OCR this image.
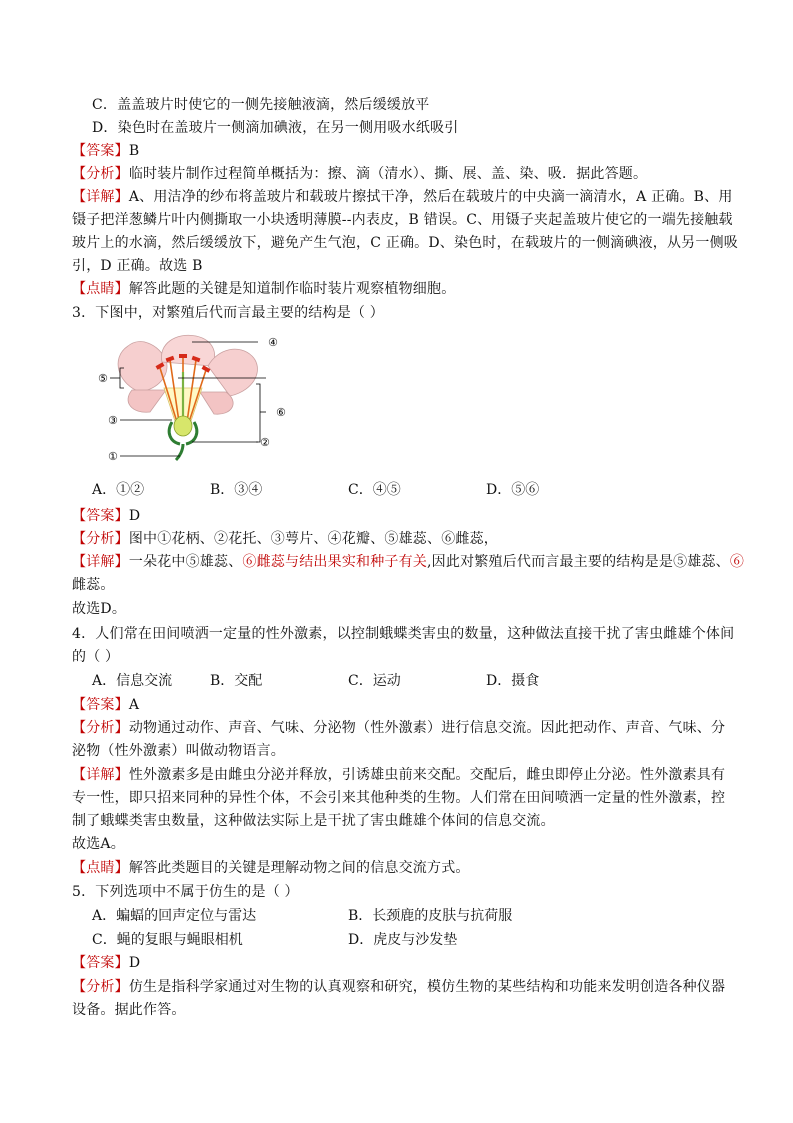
C．盖盖玻片时使它的一侧先接触液滴，然后缓缓放平
D．染色时在盖玻片一侧滴加碘液，在另一侧用吸水纸吸引
【答案】B
【分析】临时装片制作过程简单概括为：擦、滴（清水）、撕、展、盖、染、吸．据此答题。
【详解】A、用洁净的纱布将盖玻片和载玻片擦拭干净，然后在载玻片的中央滴一滴清水，A 正确。B、用
镊子把洋葱鳞片叶内侧撕取一小块透明薄膜--内表皮，B 错误。C、用镊子夹起盖玻片使它的一端先接触载
玻片上的水滴，然后缓缓放下，避免产生气泡，C 正确。D、染色时，在载玻片的一侧滴碘液，从另一侧吸
引，D 正确。故选 B
【点睛】解答此题的关键是知道制作临时装片观察植物细胞。
3．下图中，对繁殖后代而言最主要的结构是（ ）
④
⑤
⑥
③
②
①
A．①②	B．③④	C．④⑤	D．⑤⑥
【答案】D
【分析】图中①花柄、②花托、③萼片、④花瓣、⑤雄蕊、⑥雌蕊，
【详解】一朵花中⑤雄蕊、⑥雌蕊与结出果实和种子有关,因此对繁殖后代而言最主要的结构是是⑤雄蕊、⑥
雌蕊。
故选D。
4．人们常在田间喷洒一定量的性外激素，以控制蛾蝶类害虫的数量，这种做法直接干扰了害虫雌雄个体间
的（ ）
A．信息交流	B．交配	C．运动	D．摄食
【答案】A
【分析】动物通过动作、声音、气味、分泌物（性外激素）进行信息交流。因此把动作、声音、气味、分
泌物（性外激素）叫做动物语言。
【详解】性外激素多是由雌虫分泌并释放，引诱雄虫前来交配。交配后，雌虫即停止分泌。性外激素具有
专一性，即只招来同种的异性个体，不会引来其他种类的生物。人们常在田间喷洒一定量的性外激素，控
制了蛾蝶类害虫数量，这种做法实际上是干扰了害虫雌雄个体间的信息交流。
故选A。
【点睛】解答此类题目的关键是理解动物之间的信息交流方式。
5．下列选项中不属于仿生的是（ ）
A．蝙蝠的回声定位与雷达	B．长颈鹿的皮肤与抗荷服
C．蝇的复眼与蝇眼相机	D．虎皮与沙发垫
【答案】D
【分析】仿生是指科学家通过对生物的认真观察和研究，模仿生物的某些结构和功能来发明创造各种仪器
设备。据此作答。
